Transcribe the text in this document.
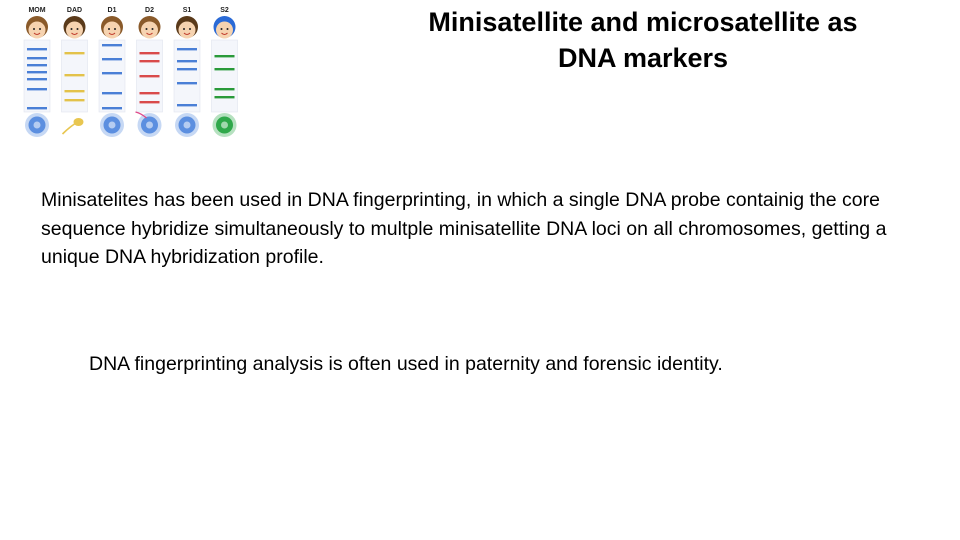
MOM	DAD	D1	D2	S1	S2	Minisatellite and microsatellite as
DNA markers

Minisatelites has been used in DNA fingerprinting, in which a single DNA probe containig the core sequence hybridize simultaneously to multple minisatellite DNA loci on all chromosomes, getting a unique DNA hybridization profile.

DNA fingerprinting analysis is often used in paternity and forensic identity.
